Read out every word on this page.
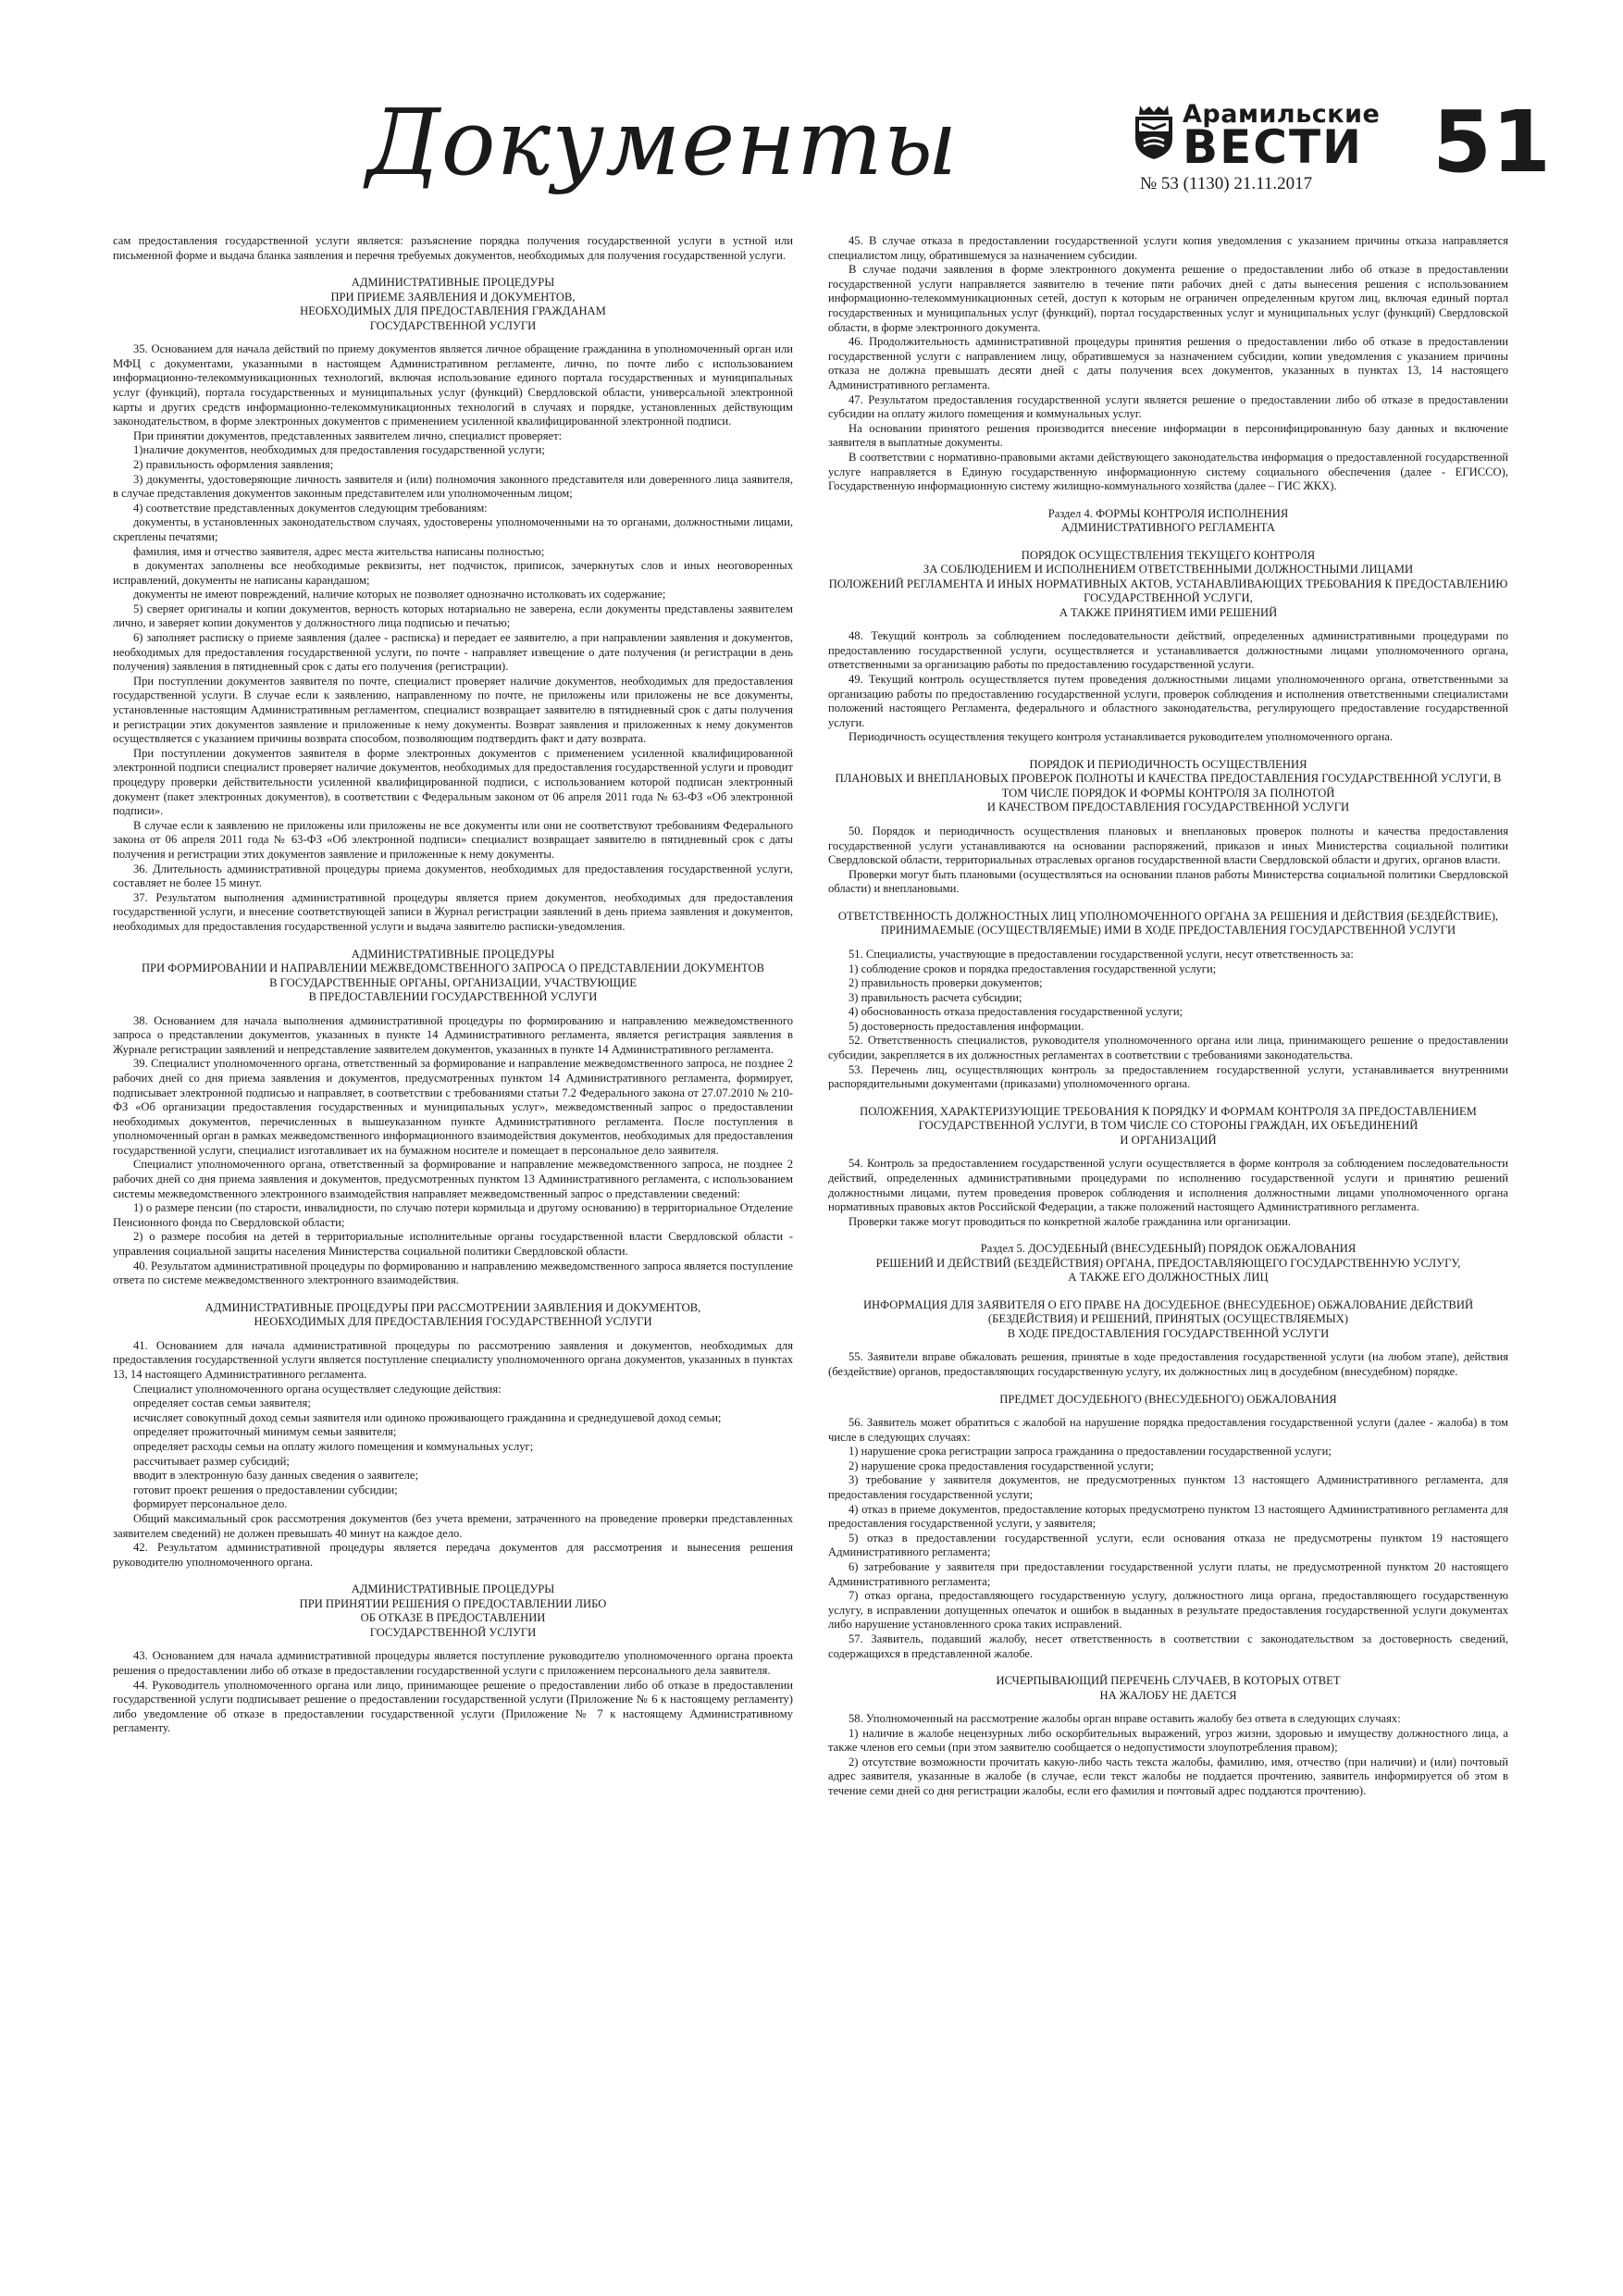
Документы	Арамильские
ВЕСТИ
№ 53 (1130) 21.11.2017 51

сам предоставления государственной услуги является: разъяснение порядка получения государственной услуги в устной или письменной форме и выдача бланка заявления и перечня требуемых документов, необходимых для получения государственной услуги.

АДМИНИСТРАТИВНЫЕ ПРОЦЕДУРЫ
ПРИ ПРИЕМЕ ЗАЯВЛЕНИЯ И ДОКУМЕНТОВ,
НЕОБХОДИМЫХ ДЛЯ ПРЕДОСТАВЛЕНИЯ ГРАЖДАНАМ
ГОСУДАРСТВЕННОЙ УСЛУГИ

35. Основанием для начала действий по приему документов является личное обращение гражданина в уполномоченный орган или МФЦ с документами, указанными в настоящем Административном регламенте, лично, по почте либо с использованием информационно-телекоммуникационных технологий, включая использование единого портала государственных и муниципальных услуг (функций), портала государственных и муниципальных услуг (функций) Свердловской области, универсальной электронной карты и других средств информационно-телекоммуникационных технологий в случаях и порядке, установленных действующим законодательством, в форме электронных документов с применением усиленной квалифицированной электронной подписи.

При принятии документов, представленных заявителем лично, специалист проверяет:

1)наличие документов, необходимых для предоставления государственной услуги;

2) правильность оформления заявления;

3) документы, удостоверяющие личность заявителя и (или) полномочия законного представителя или доверенного лица заявителя, в случае представления документов законным представителем или уполномоченным лицом;

4) соответствие представленных документов следующим требованиям:

документы, в установленных законодательством случаях, удостоверены уполномоченными на то органами, должностными лицами, скреплены печатями;

фамилия, имя и отчество заявителя, адрес места жительства написаны полностью;

в документах заполнены все необходимые реквизиты, нет подчисток, приписок, зачеркнутых слов и иных неоговоренных исправлений, документы не написаны карандашом;

документы не имеют повреждений, наличие которых не позволяет однозначно истолковать их содержание;

5) сверяет оригиналы и копии документов, верность которых нотариально не заверена, если документы представлены заявителем лично, и заверяет копии документов у должностного лица подписью и печатью;

6) заполняет расписку о приеме заявления (далее - расписка) и передает ее заявителю, а при направлении заявления и документов, необходимых для предоставления государственной услуги, по почте - направляет извещение о дате получения (и регистрации в день получения) заявления в пятидневный срок с даты его получения (регистрации).

При поступлении документов заявителя по почте, специалист проверяет наличие документов, необходимых для предоставления государственной услуги. В случае если к заявлению, направленному по почте, не приложены или приложены не все документы, установленные настоящим Административным регламентом, специалист возвращает заявителю в пятидневный срок с даты получения и регистрации этих документов заявление и приложенные к нему документы. Возврат заявления и приложенных к нему документов осуществляется с указанием причины возврата способом, позволяющим подтвердить факт и дату возврата.

При поступлении документов заявителя в форме электронных документов с применением усиленной квалифицированной электронной подписи специалист проверяет наличие документов, необходимых для предоставления государственной услуги и проводит процедуру проверки действительности усиленной квалифицированной подписи, с использованием которой подписан электронный документ (пакет электронных документов), в соответствии с Федеральным законом от 06 апреля 2011 года № 63-ФЗ «Об электронной подписи».

В случае если к заявлению не приложены или приложены не все документы или они не соответствуют требованиям Федерального закона от 06 апреля 2011 года № 63-ФЗ «Об электронной подписи» специалист возвращает заявителю в пятидневный срок с даты получения и регистрации этих документов заявление и приложенные к нему документы.

36. Длительность административной процедуры приема документов, необходимых для предоставления государственной услуги, составляет не более 15 минут.

37. Результатом выполнения административной процедуры является прием документов, необходимых для предоставления государственной услуги, и внесение соответствующей записи в Журнал регистрации заявлений в день приема заявления и документов, необходимых для предоставления государственной услуги и выдача заявителю расписки-уведомления.

АДМИНИСТРАТИВНЫЕ ПРОЦЕДУРЫ
ПРИ ФОРМИРОВАНИИ И НАПРАВЛЕНИИ МЕЖВЕДОМСТВЕННОГО ЗАПРОСА О ПРЕДСТАВЛЕНИИ ДОКУМЕНТОВ
В ГОСУДАРСТВЕННЫЕ ОРГАНЫ, ОРГАНИЗАЦИИ, УЧАСТВУЮЩИЕ
В ПРЕДОСТАВЛЕНИИ ГОСУДАРСТВЕННОЙ УСЛУГИ

38. Основанием для начала выполнения административной процедуры по формированию и направлению межведомственного запроса о представлении документов, указанных в пункте 14 Административного регламента, является регистрация заявления в Журнале регистрации заявлений и непредставление заявителем документов, указанных в пункте 14 Административного регламента.

39. Специалист уполномоченного органа, ответственный за формирование и направление межведомственного запроса, не позднее 2 рабочих дней со дня приема заявления и документов, предусмотренных пунктом 14 Административного регламента, формирует, подписывает электронной подписью и направляет, в соответствии с требованиями статьи 7.2 Федерального закона от 27.07.2010 № 210-ФЗ «Об организации предоставления государственных и муниципальных услуг», межведомственный запрос о предоставлении необходимых документов, перечисленных в вышеуказанном пункте Административного регламента. После поступления в уполномоченный орган в рамках межведомственного информационного взаимодействия документов, необходимых для предоставления государственной услуги, специалист изготавливает их на бумажном носителе и помещает в персональное дело заявителя.

Специалист уполномоченного органа, ответственный за формирование и направление межведомственного запроса, не позднее 2 рабочих дней со дня приема заявления и документов, предусмотренных пунктом 13 Административного регламента, с использованием системы межведомственного электронного взаимодействия направляет межведомственный запрос о представлении сведений:

1) о размере пенсии (по старости, инвалидности, по случаю потери кормильца и другому основанию) в территориальное Отделение Пенсионного фонда по Свердловской области;

2) о размере пособия на детей в территориальные исполнительные органы государственной власти Свердловской области - управления социальной защиты населения Министерства социальной политики Свердловской области.

40. Результатом административной процедуры по формированию и направлению межведомственного запроса является поступление ответа по системе межведомственного электронного взаимодействия.

АДМИНИСТРАТИВНЫЕ ПРОЦЕДУРЫ ПРИ РАССМОТРЕНИИ ЗАЯВЛЕНИЯ И ДОКУМЕНТОВ,
НЕОБХОДИМЫХ ДЛЯ ПРЕДОСТАВЛЕНИЯ ГОСУДАРСТВЕННОЙ УСЛУГИ

41. Основанием для начала административной процедуры по рассмотрению заявления и документов, необходимых для предоставления государственной услуги является поступление специалисту уполномоченного органа документов, указанных в пунктах 13, 14 настоящего Административного регламента.

Специалист уполномоченного органа осуществляет следующие действия:

определяет состав семьи заявителя;

исчисляет совокупный доход семьи заявителя или одиноко проживающего гражданина и среднедушевой доход семьи;

определяет прожиточный минимум семьи заявителя;

определяет расходы семьи на оплату жилого помещения и коммунальных услуг;

рассчитывает размер субсидий;

вводит в электронную базу данных сведения о заявителе;

готовит проект решения о предоставлении субсидии;

формирует персональное дело.

Общий максимальный срок рассмотрения документов (без учета времени, затраченного на проведение проверки представленных заявителем сведений) не должен превышать 40 минут на каждое дело.

42. Результатом административной процедуры является передача документов для рассмотрения и вынесения решения руководителю уполномоченного органа.

АДМИНИСТРАТИВНЫЕ ПРОЦЕДУРЫ
ПРИ ПРИНЯТИИ РЕШЕНИЯ О ПРЕДОСТАВЛЕНИИ ЛИБО
ОБ ОТКАЗЕ В ПРЕДОСТАВЛЕНИИ
ГОСУДАРСТВЕННОЙ УСЛУГИ

43. Основанием для начала административной процедуры является поступление руководителю уполномоченного органа проекта решения о предоставлении либо об отказе в предоставлении государственной услуги с приложением персонального дела заявителя.

44. Руководитель уполномоченного органа или лицо, принимающее решение о предоставлении либо об отказе в предоставлении государственной услуги подписывает решение о предоставлении государственной услуги (Приложение № 6 к настоящему регламенту) либо уведомление об отказе в предоставлении государственной услуги (Приложение № 7 к настоящему Административному регламенту.

45. В случае отказа в предоставлении государственной услуги копия уведомления с указанием причины отказа направляется специалистом лицу, обратившемуся за назначением субсидии.

В случае подачи заявления в форме электронного документа решение о предоставлении либо об отказе в предоставлении государственной услуги направляется заявителю в течение пяти рабочих дней с даты вынесения решения с использованием информационно-телекоммуникационных сетей, доступ к которым не ограничен определенным кругом лиц, включая единый портал государственных и муниципальных услуг (функций), портал государственных услуг и муниципальных услуг (функций) Свердловской области, в форме электронного документа.

46. Продолжительность административной процедуры принятия решения о предоставлении либо об отказе в предоставлении государственной услуги с направлением лицу, обратившемуся за назначением субсидии, копии уведомления с указанием причины отказа не должна превышать десяти дней с даты получения всех документов, указанных в пунктах 13, 14 настоящего Административного регламента.

47. Результатом предоставления государственной услуги является решение о предоставлении либо об отказе в предоставлении субсидии на оплату жилого помещения и коммунальных услуг.

На основании принятого решения производится внесение информации в персонифицированную базу данных и включение заявителя в выплатные документы.

В соответствии с нормативно-правовыми актами действующего законодательства информация о предоставленной государственной услуге направляется в Единую государственную информационную систему социального обеспечения (далее - ЕГИССО), Государственную информационную систему жилищно-коммунального хозяйства (далее – ГИС ЖКХ).

Раздел 4. ФОРМЫ КОНТРОЛЯ ИСПОЛНЕНИЯ
АДМИНИСТРАТИВНОГО РЕГЛАМЕНТА
ПОРЯДОК ОСУЩЕСТВЛЕНИЯ ТЕКУЩЕГО КОНТРОЛЯ
ЗА СОБЛЮДЕНИЕМ И ИСПОЛНЕНИЕМ ОТВЕТСТВЕННЫМИ ДОЛЖНОСТНЫМИ ЛИЦАМИ
ПОЛОЖЕНИЙ РЕГЛАМЕНТА И ИНЫХ НОРМАТИВНЫХ АКТОВ, УСТАНАВЛИВАЮЩИХ ТРЕБОВАНИЯ К ПРЕДОСТАВЛЕНИЮ ГОСУДАРСТВЕННОЙ УСЛУГИ,
А ТАКЖЕ ПРИНЯТИЕМ ИМИ РЕШЕНИЙ

48. Текущий контроль за соблюдением последовательности действий, определенных административными процедурами по предоставлению государственной услуги, осуществляется и устанавливается должностными лицами уполномоченного органа, ответственными за организацию работы по предоставлению государственной услуги.

49. Текущий контроль осуществляется путем проведения должностными лицами уполномоченного органа, ответственными за организацию работы по предоставлению государственной услуги, проверок соблюдения и исполнения ответственными специалистами положений настоящего Регламента, федерального и областного законодательства, регулирующего предоставление государственной услуги.

Периодичность осуществления текущего контроля устанавливается руководителем уполномоченного органа.

ПОРЯДОК И ПЕРИОДИЧНОСТЬ ОСУЩЕСТВЛЕНИЯ
ПЛАНОВЫХ И ВНЕПЛАНОВЫХ ПРОВЕРОК ПОЛНОТЫ И КАЧЕСТВА ПРЕДОСТАВЛЕНИЯ ГОСУДАРСТВЕННОЙ УСЛУГИ, В ТОМ ЧИСЛЕ ПОРЯДОК И ФОРМЫ КОНТРОЛЯ ЗА ПОЛНОТОЙ
И КАЧЕСТВОМ ПРЕДОСТАВЛЕНИЯ ГОСУДАРСТВЕННОЙ УСЛУГИ

50. Порядок и периодичность осуществления плановых и внеплановых проверок полноты и качества предоставления государственной услуги устанавливаются на основании распоряжений, приказов и иных Министерства социальной политики Свердловской области, территориальных отраслевых органов государственной власти Свердловской области и других, органов власти.

Проверки могут быть плановыми (осуществляться на основании планов работы Министерства социальной политики Свердловской области) и внеплановыми.

ОТВЕТСТВЕННОСТЬ ДОЛЖНОСТНЫХ ЛИЦ УПОЛНОМОЧЕННОГО ОРГАНА ЗА РЕШЕНИЯ И ДЕЙСТВИЯ (БЕЗДЕЙСТВИЕ), ПРИНИМАЕМЫЕ (ОСУЩЕСТВЛЯЕМЫЕ) ИМИ В ХОДЕ ПРЕДОСТАВЛЕНИЯ ГОСУДАРСТВЕННОЙ УСЛУГИ

51. Специалисты, участвующие в предоставлении государственной услуги, несут ответственность за:

1) соблюдение сроков и порядка предоставления государственной услуги;

2) правильность проверки документов;

3) правильность расчета субсидии;

4) обоснованность отказа предоставления государственной услуги;

5) достоверность предоставления информации.

52. Ответственность специалистов, руководителя уполномоченного органа или лица, принимающего решение о предоставлении субсидии, закрепляется в их должностных регламентах в соответствии с требованиями законодательства.

53. Перечень лиц, осуществляющих контроль за предоставлением государственной услуги, устанавливается внутренними распорядительными документами (приказами) уполномоченного органа.

ПОЛОЖЕНИЯ, ХАРАКТЕРИЗУЮЩИЕ ТРЕБОВАНИЯ К ПОРЯДКУ И ФОРМАМ КОНТРОЛЯ ЗА ПРЕДОСТАВЛЕНИЕМ
ГОСУДАРСТВЕННОЙ УСЛУГИ, В ТОМ ЧИСЛЕ СО СТОРОНЫ ГРАЖДАН, ИХ ОБЪЕДИНЕНИЙ
И ОРГАНИЗАЦИЙ

54. Контроль за предоставлением государственной услуги осуществляется в форме контроля за соблюдением последовательности действий, определенных административными процедурами по исполнению государственной услуги и принятию решений должностными лицами, путем проведения проверок соблюдения и исполнения должностными лицами уполномоченного органа нормативных правовых актов Российской Федерации, а также положений настоящего Административного регламента.

Проверки также могут проводиться по конкретной жалобе гражданина или организации.

Раздел 5. ДОСУДЕБНЫЙ (ВНЕСУДЕБНЫЙ) ПОРЯДОК ОБЖАЛОВАНИЯ
РЕШЕНИЙ И ДЕЙСТВИЙ (БЕЗДЕЙСТВИЯ) ОРГАНА, ПРЕДОСТАВЛЯЮЩЕГО ГОСУДАРСТВЕННУЮ УСЛУГУ,
А ТАКЖЕ ЕГО ДОЛЖНОСТНЫХ ЛИЦ
ИНФОРМАЦИЯ ДЛЯ ЗАЯВИТЕЛЯ О ЕГО ПРАВЕ НА ДОСУДЕБНОЕ (ВНЕСУДЕБНОЕ) ОБЖАЛОВАНИЕ ДЕЙСТВИЙ (БЕЗДЕЙСТВИЯ) И РЕШЕНИЙ, ПРИНЯТЫХ (ОСУЩЕСТВЛЯЕМЫХ)
В ХОДЕ ПРЕДОСТАВЛЕНИЯ ГОСУДАРСТВЕННОЙ УСЛУГИ

55. Заявители вправе обжаловать решения, принятые в ходе предоставления государственной услуги (на любом этапе), действия (бездействие) органов, предоставляющих государственную услугу, их должностных лиц в досудебном (внесудебном) порядке.

ПРЕДМЕТ ДОСУДЕБНОГО (ВНЕСУДЕБНОГО) ОБЖАЛОВАНИЯ

56. Заявитель может обратиться с жалобой на нарушение порядка предоставления государственной услуги (далее - жалоба) в том числе в следующих случаях:

1) нарушение срока регистрации запроса гражданина о предоставлении государственной услуги;

2) нарушение срока предоставления государственной услуги;

3) требование у заявителя документов, не предусмотренных пунктом 13 настоящего Административного регламента, для предоставления государственной услуги;

4) отказ в приеме документов, предоставление которых предусмотрено пунктом 13 настоящего Административного регламента для предоставления государственной услуги, у заявителя;

5) отказ в предоставлении государственной услуги, если основания отказа не предусмотрены пунктом 19 настоящего Административного регламента;

6) затребование у заявителя при предоставлении государственной услуги платы, не предусмотренной пунктом 20 настоящего Административного регламента;

7) отказ органа, предоставляющего государственную услугу, должностного лица органа, предоставляющего государственную услугу, в исправлении допущенных опечаток и ошибок в выданных в результате предоставления государственной услуги документах либо нарушение установленного срока таких исправлений.

57. Заявитель, подавший жалобу, несет ответственность в соответствии с законодательством за достоверность сведений, содержащихся в представленной жалобе.

ИСЧЕРПЫВАЮЩИЙ ПЕРЕЧЕНЬ СЛУЧАЕВ, В КОТОРЫХ ОТВЕТ
НА ЖАЛОБУ НЕ ДАЕТСЯ

58. Уполномоченный на рассмотрение жалобы орган вправе оставить жалобу без ответа в следующих случаях:

1) наличие в жалобе нецензурных либо оскорбительных выражений, угроз жизни, здоровью и имуществу должностного лица, а также членов его семьи (при этом заявителю сообщается о недопустимости злоупотребления правом);

2) отсутствие возможности прочитать какую-либо часть текста жалобы, фамилию, имя, отчество (при наличии) и (или) почтовый адрес заявителя, указанные в жалобе (в случае, если текст жалобы не поддается прочтению, заявитель информируется об этом в течение семи дней со дня регистрации жалобы, если его фамилия и почтовый адрес поддаются прочтению).
